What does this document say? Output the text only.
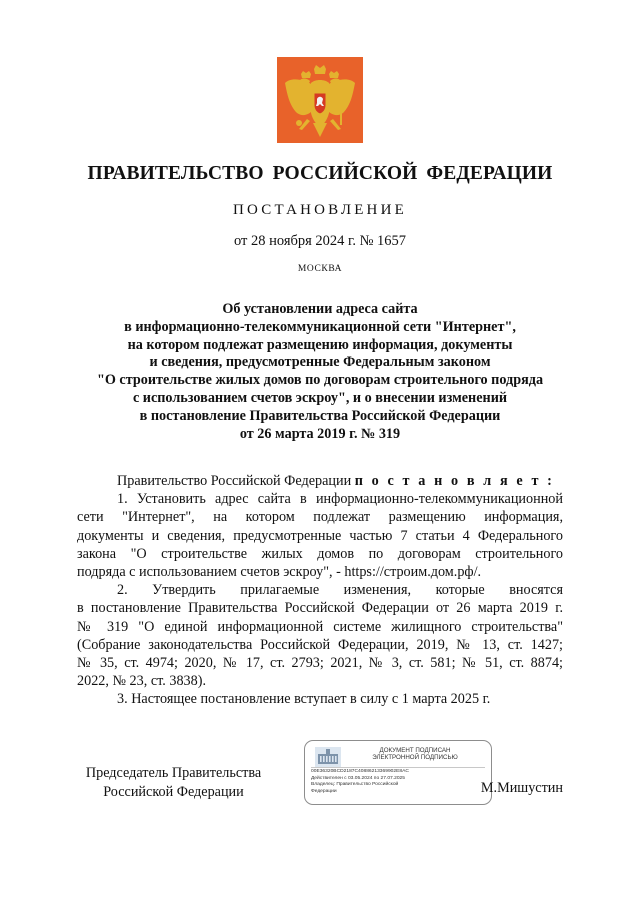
ПРАВИТЕЛЬСТВО РОССИЙСКОЙ ФЕДЕРАЦИИ
ПОСТАНОВЛЕНИЕ
от 28 ноября 2024 г. № 1657
МОСКВА
Об установлении адреса сайта
в информационно-телекоммуникационной сети "Интернет",
на котором подлежат размещению информация, документы
и сведения, предусмотренные Федеральным законом
"О строительстве жилых домов по договорам строительного подряда
с использованием счетов эскроу", и о внесении изменений
в постановление Правительства Российской Федерации
от 26 марта 2019 г. № 319
Правительство Российской Федерации п о с т а н о в л я е т :
1. Установить адрес сайта в информационно-телекоммуникационной
сети "Интернет", на котором подлежат размещению информация,
документы и сведения, предусмотренные частью 7 статьи 4 Федерального
закона "О строительстве жилых домов по договорам строительного
подряда с использованием счетов эскроу", - https://строим.дом.рф/.
2. Утвердить прилагаемые изменения, которые вносятся
в постановление Правительства Российской Федерации от 26 марта 2019 г.
№ 319 "О единой информационной системе жилищного строительства"
(Собрание законодательства Российской Федерации, 2019, № 13, ст. 1427;
№ 35, ст. 4974; 2020, № 17, ст. 2793; 2021, № 3, ст. 581; № 51, ст. 8874;
2022, № 23, ст. 3838).
3. Настоящее постановление вступает в силу с 1 марта 2025 г.
Председатель Правительства
Российской Федерации
ДОКУМЕНТ ПОДПИСАН
ЭЛЕКТРОННОЙ ПОДПИСЬЮ
00E36320BCD2187C40886213369902E8AC
Действителен с 03.05.2024 по 27.07.2025
Владелец: Правительство Российской
Федерации	М.Мишустин
